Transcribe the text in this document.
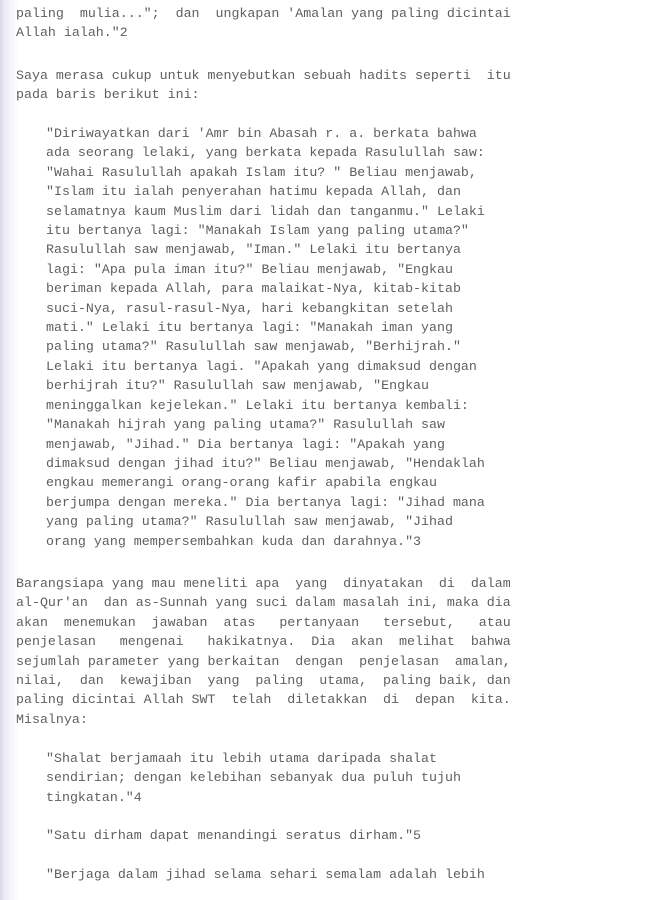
paling  mulia...";  dan  ungkapan 'Amalan yang paling dicintai
Allah ialah."2
Saya merasa cukup untuk menyebutkan sebuah hadits seperti  itu
pada baris berikut ini:
"Diriwayatkan dari 'Amr bin Abasah r. a. berkata bahwa
ada seorang lelaki, yang berkata kepada Rasulullah saw:
"Wahai Rasulullah apakah Islam itu? " Beliau menjawab,
"Islam itu ialah penyerahan hatimu kepada Allah, dan
selamatnya kaum Muslim dari lidah dan tanganmu." Lelaki
itu bertanya lagi: "Manakah Islam yang paling utama?"
Rasulullah saw menjawab, "Iman." Lelaki itu bertanya
lagi: "Apa pula iman itu?" Beliau menjawab, "Engkau
beriman kepada Allah, para malaikat-Nya, kitab-kitab
suci-Nya, rasul-rasul-Nya, hari kebangkitan setelah
mati." Lelaki itu bertanya lagi: "Manakah iman yang
paling utama?" Rasulullah saw menjawab, "Berhijrah."
Lelaki itu bertanya lagi. "Apakah yang dimaksud dengan
berhijrah itu?" Rasulullah saw menjawab, "Engkau
meninggalkan kejelekan." Lelaki itu bertanya kembali:
"Manakah hijrah yang paling utama?" Rasulullah saw
menjawab, "Jihad." Dia bertanya lagi: "Apakah yang
dimaksud dengan jihad itu?" Beliau menjawab, "Hendaklah
engkau memerangi orang-orang kafir apabila engkau
berjumpa dengan mereka." Dia bertanya lagi: "Jihad mana
yang paling utama?" Rasulullah saw menjawab, "Jihad
orang yang mempersembahkan kuda dan darahnya."3
Barangsiapa yang mau meneliti apa  yang  dinyatakan  di  dalam
al-Qur'an  dan as-Sunnah yang suci dalam masalah ini, maka dia
akan  menemukan  jawaban  atas   pertanyaan   tersebut,   atau
penjelasan   mengenai   hakikatnya.  Dia  akan  melihat  bahwa
sejumlah parameter yang berkaitan  dengan  penjelasan  amalan,
nilai,  dan  kewajiban  yang  paling  utama,  paling baik, dan
paling dicintai Allah SWT  telah  diletakkan  di  depan  kita.
Misalnya:
"Shalat berjamaah itu lebih utama daripada shalat
sendirian; dengan kelebihan sebanyak dua puluh tujuh
tingkatan."4
"Satu dirham dapat menandingi seratus dirham."5
"Berjaga dalam jihad selama sehari semalam adalah lebih
